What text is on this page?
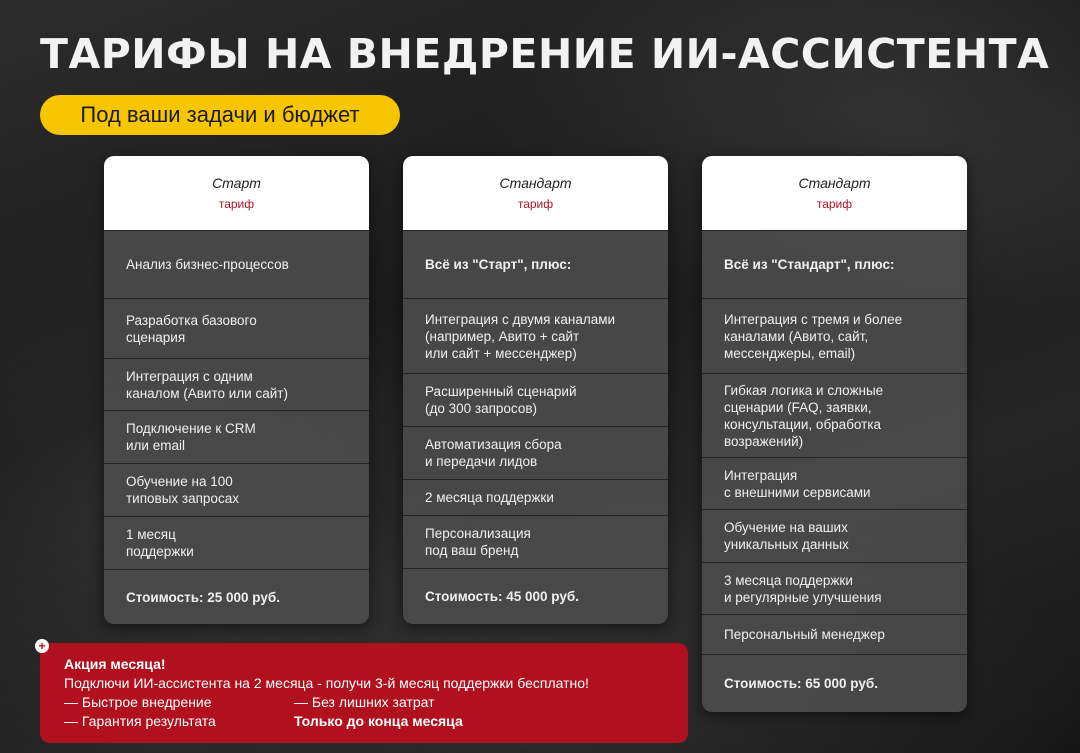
ТАРИФЫ НА ВНЕДРЕНИЕ ИИ-АССИСТЕНТА
Под ваши задачи и бюджет
Старт
тариф
Анализ бизнес-процессов
Разработка базового
сценария
Интеграция с одним
каналом (Авито или сайт)
Подключение к CRM
или email
Обучение на 100
типовых запросах
1 месяц
поддержки
Стоимость: 25 000 руб.
Стандарт
тариф
Всё из "Старт", плюс:
Интеграция с двумя каналами
(например, Авито + сайт
или сайт + мессенджер)
Расширенный сценарий
(до 300 запросов)
Автоматизация сбора
и передачи лидов
2 месяца поддержки
Персонализация
под ваш бренд
Стоимость: 45 000 руб.
Стандарт
тариф
Всё из "Стандарт", плюс:
Интеграция с тремя и более
каналами (Авито, сайт,
мессенджеры, email)
Гибкая логика и сложные
сценарии (FAQ, заявки,
консультации, обработка
возражений)
Интеграция
с внешними сервисами
Обучение на ваших
уникальных данных
3 месяца поддержки
и регулярные улучшения
Персональный менеджер
Стоимость: 65 000 руб.
Акция месяца!
Подключи ИИ-ассистента на 2 месяца - получи 3-й месяц поддержки бесплатно!
— Быстрое внедрение
— Гарантия результата
— Без лишних затрат
Только до конца месяца
+
